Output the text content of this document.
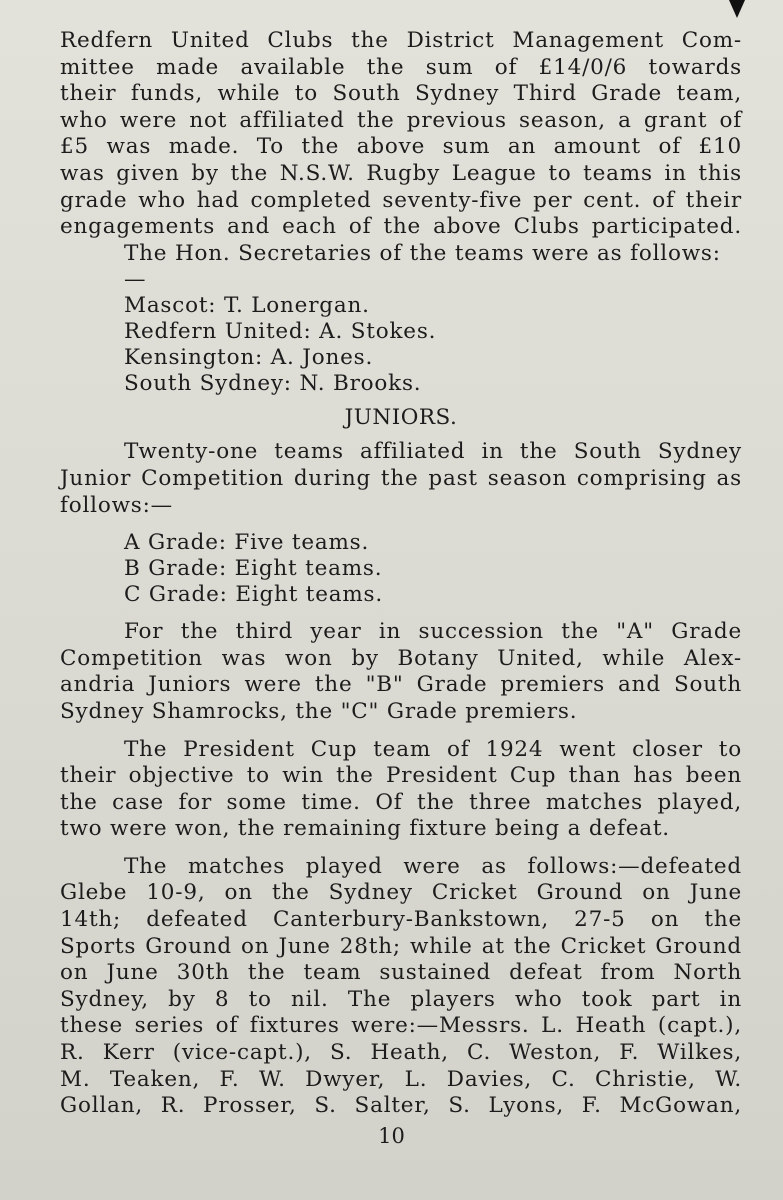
Redfern United Clubs the District Management Com-

mittee made available the sum of £14/0/6 towards

their funds, while to South Sydney Third Grade team,

who were not affiliated the previous season, a grant of

£5 was made. To the above sum an amount of £10

was given by the N.S.W. Rugby League to teams in this

grade who had completed seventy-five per cent. of their

engagements and each of the above Clubs participated.

The Hon. Secretaries of the teams were as follows:—
Mascot: T. Lonergan.
Redfern United: A. Stokes.
Kensington: A. Jones.
South Sydney: N. Brooks.
JUNIORS.

Twenty-one teams affiliated in the South Sydney

Junior Competition during the past season comprising as

follows:—

A Grade: Five teams.
B Grade: Eight teams.
C Grade: Eight teams.

For the third year in succession the "A" Grade

Competition was won by Botany United, while Alex-

andria Juniors were the "B" Grade premiers and South

Sydney Shamrocks, the "C" Grade premiers.

The President Cup team of 1924 went closer to

their objective to win the President Cup than has been

the case for some time. Of the three matches played,

two were won, the remaining fixture being a defeat.

The matches played were as follows:—defeated

Glebe 10-9, on the Sydney Cricket Ground on June

14th; defeated Canterbury-Bankstown, 27-5 on the

Sports Ground on June 28th; while at the Cricket Ground

on June 30th the team sustained defeat from North

Sydney, by 8 to nil. The players who took part in

these series of fixtures were:—Messrs. L. Heath (capt.),

R. Kerr (vice-capt.), S. Heath, C. Weston, F. Wilkes,

M. Teaken, F. W. Dwyer, L. Davies, C. Christie, W.

Gollan, R. Prosser, S. Salter, S. Lyons, F. McGowan,

10
